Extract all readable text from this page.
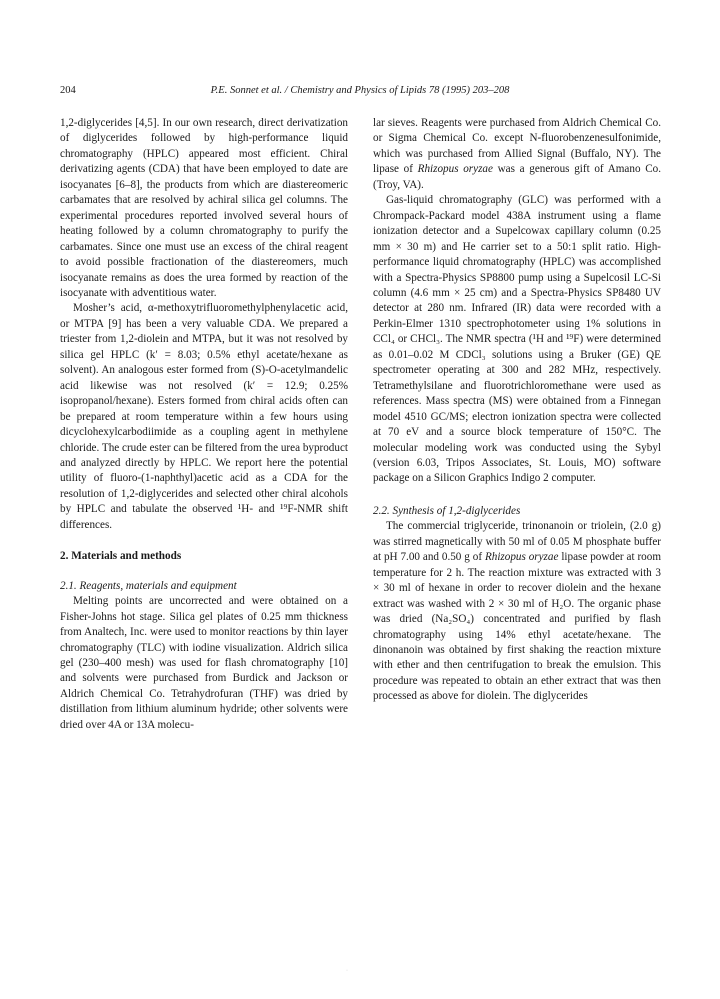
204	P.E. Sonnet et al. / Chemistry and Physics of Lipids 78 (1995) 203–208

1,2-diglycerides [4,5]. In our own research, direct derivatization of diglycerides followed by high-performance liquid chromatography (HPLC) appeared most efficient. Chiral derivatizing agents (CDA) that have been employed to date are isocyanates [6–8], the products from which are diastereomeric carbamates that are resolved by achiral silica gel columns. The experimental procedures reported involved several hours of heating followed by a column chromatography to purify the carbamates. Since one must use an excess of the chiral reagent to avoid possible fractionation of the diastereomers, much isocyanate remains as does the urea formed by reaction of the isocyanate with adventitious water.

Mosher’s acid, α-methoxytrifluoromethylphenylacetic acid, or MTPA [9] has been a very valuable CDA. We prepared a triester from 1,2-diolein and MTPA, but it was not resolved by silica gel HPLC (k′ = 8.03; 0.5% ethyl acetate/hexane as solvent). An analogous ester formed from (S)-O-acetylmandelic acid likewise was not resolved (k′ = 12.9; 0.25% isopropanol/hexane). Esters formed from chiral acids often can be prepared at room temperature within a few hours using dicyclohexylcarbodiimide as a coupling agent in methylene chloride. The crude ester can be filtered from the urea byproduct and analyzed directly by HPLC. We report here the potential utility of fluoro-(1-naphthyl)acetic acid as a CDA for the resolution of 1,2-diglycerides and selected other chiral alcohols by HPLC and tabulate the observed ¹H- and ¹⁹F-NMR shift differences.

2. Materials and methods
2.1. Reagents, materials and equipment

Melting points are uncorrected and were obtained on a Fisher-Johns hot stage. Silica gel plates of 0.25 mm thickness from Analtech, Inc. were used to monitor reactions by thin layer chromatography (TLC) with iodine visualization. Aldrich silica gel (230–400 mesh) was used for flash chromatography [10] and solvents were purchased from Burdick and Jackson or Aldrich Chemical Co. Tetrahydrofuran (THF) was dried by distillation from lithium aluminum hydride; other solvents were dried over 4A or 13A molecu-

lar sieves. Reagents were purchased from Aldrich Chemical Co. or Sigma Chemical Co. except N-fluorobenzenesulfonimide, which was purchased from Allied Signal (Buffalo, NY). The lipase of Rhizopus oryzae was a generous gift of Amano Co. (Troy, VA).

Gas-liquid chromatography (GLC) was performed with a Chrompack-Packard model 438A instrument using a flame ionization detector and a Supelcowax capillary column (0.25 mm × 30 m) and He carrier set to a 50:1 split ratio. High-performance liquid chromatography (HPLC) was accomplished with a Spectra-Physics SP8800 pump using a Supelcosil LC-Si column (4.6 mm × 25 cm) and a Spectra-Physics SP8480 UV detector at 280 nm. Infrared (IR) data were recorded with a Perkin-Elmer 1310 spectrophotometer using 1% solutions in CCl₄ or CHCl₃. The NMR spectra (¹H and ¹⁹F) were determined as 0.01–0.02 M CDCl₃ solutions using a Bruker (GE) QE spectrometer operating at 300 and 282 MHz, respectively. Tetramethylsilane and fluorotrichloromethane were used as references. Mass spectra (MS) were obtained from a Finnegan model 4510 GC/MS; electron ionization spectra were collected at 70 eV and a source block temperature of 150°C. The molecular modeling work was conducted using the Sybyl (version 6.03, Tripos Associates, St. Louis, MO) software package on a Silicon Graphics Indigo 2 computer.

2.2. Synthesis of 1,2-diglycerides

The commercial triglyceride, trinonanoin or triolein, (2.0 g) was stirred magnetically with 50 ml of 0.05 M phosphate buffer at pH 7.00 and 0.50 g of Rhizopus oryzae lipase powder at room temperature for 2 h. The reaction mixture was extracted with 3 × 30 ml of hexane in order to recover diolein and the hexane extract was washed with 2 × 30 ml of H₂O. The organic phase was dried (Na₂SO₄) concentrated and purified by flash chromatography using 14% ethyl acetate/hexane. The dinonanoin was obtained by first shaking the reaction mixture with ether and then centrifugation to break the emulsion. This procedure was repeated to obtain an ether extract that was then processed as above for diolein. The diglycerides

·
